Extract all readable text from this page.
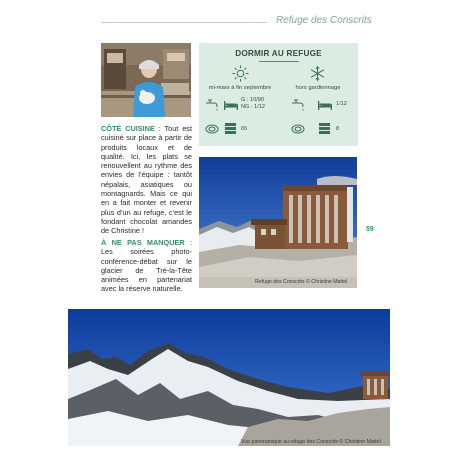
Refuge des Conscrits
DORMIR AU REFUGE
mi-mars à fin septembre	hors gardiennage
G : 10/90
NG : 1/12	1/12
65	8
CÔTÉ CUISINE : Tout est cuisiné sur place à partir de produits locaux et de qualité. Ici, les plats se renouvellent au rythme des envies de l’équipe : tantôt népalais, asiatiques ou montagnards. Mais ce qui en a fait monter et revenir plus d’un au refuge, c’est le fondant chocolat amandes de Christine !
À NE PAS MANQUER : Les soirées photo-conférence-débat sur le glacier de Tré-la-Tête animées en partenariat avec la réserve naturelle.
Refuge des Conscrits © Christine Mattel
59
Vue panoramique au refuge des Conscrits © Christine Mattel
